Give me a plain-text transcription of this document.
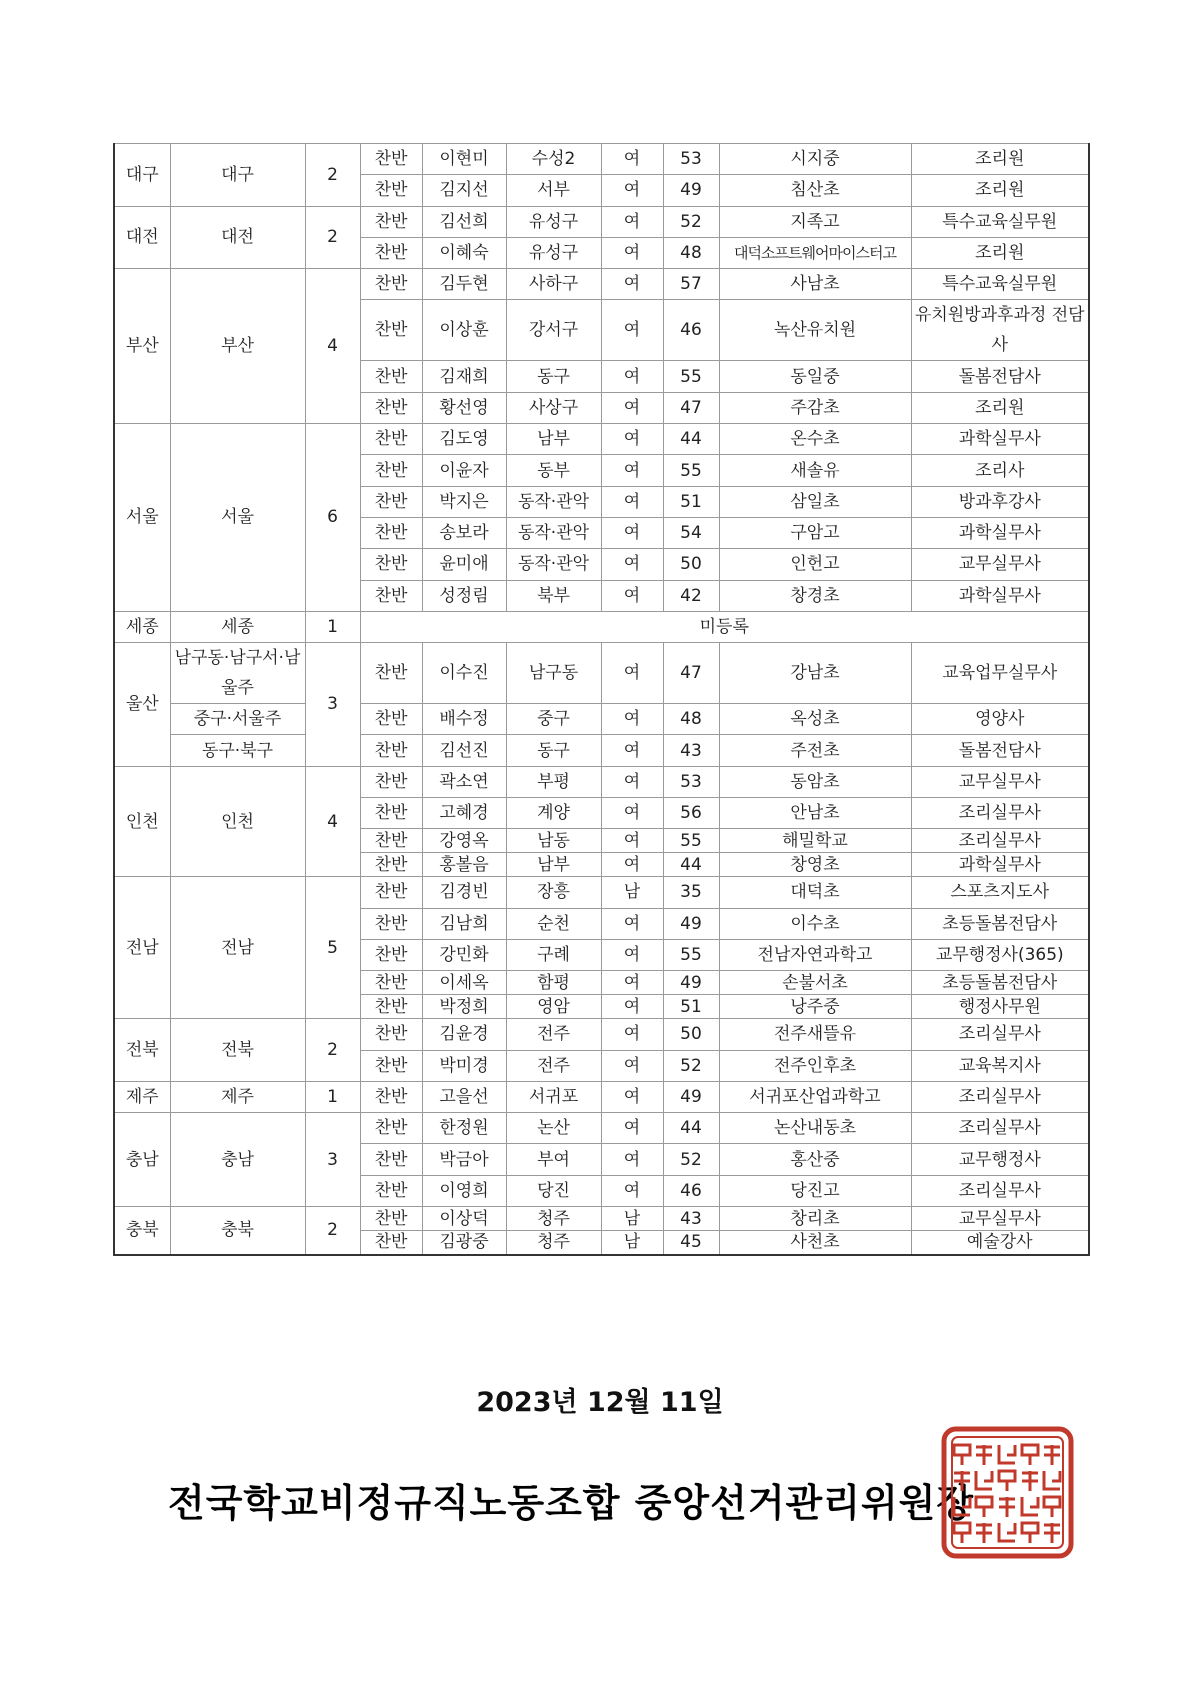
대구	대구	2	찬반	이현미	수성2	여	53	시지중	조리원
			찬반	김지선	서부	여	49	침산초	조리원
대전	대전	2	찬반	김선희	유성구	여	52	지족고	특수교육실무원
			찬반	이혜숙	유성구	여	48	대덕소프트웨어마이스터고	조리원
부산	부산	4	찬반	김두현	사하구	여	57	사남초	특수교육실무원
			찬반	이상훈	강서구	여	46	녹산유치원	유치원방과후과정 전담사
			찬반	김재희	동구	여	55	동일중	돌봄전담사
			찬반	황선영	사상구	여	47	주감초	조리원
서울	서울	6	찬반	김도영	남부	여	44	온수초	과학실무사
			찬반	이윤자	동부	여	55	새솔유	조리사
			찬반	박지은	동작·관악	여	51	삼일초	방과후강사
			찬반	송보라	동작·관악	여	54	구암고	과학실무사
			찬반	윤미애	동작·관악	여	50	인헌고	교무실무사
			찬반	성정림	북부	여	42	창경초	과학실무사
세종	세종	1	미등록						
울산	남구동·남구서·남울주	3	찬반	이수진	남구동	여	47	강남초	교육업무실무사
	중구·서울주		찬반	배수정	중구	여	48	옥성초	영양사
	동구·북구		찬반	김선진	동구	여	43	주전초	돌봄전담사
인천	인천	4	찬반	곽소연	부평	여	53	동암초	교무실무사
			찬반	고혜경	계양	여	56	안남초	조리실무사
			찬반	강영옥	남동	여	55	해밀학교	조리실무사
			찬반	홍볼음	남부	여	44	창영초	과학실무사
전남	전남	5	찬반	김경빈	장흥	남	35	대덕초	스포츠지도사
			찬반	김남희	순천	여	49	이수초	초등돌봄전담사
			찬반	강민화	구례	여	55	전남자연과학고	교무행정사(365)
			찬반	이세옥	함평	여	49	손불서초	초등돌봄전담사
			찬반	박정희	영암	여	51	낭주중	행정사무원
전북	전북	2	찬반	김윤경	전주	여	50	전주새뜰유	조리실무사
			찬반	박미경	전주	여	52	전주인후초	교육복지사
제주	제주	1	찬반	고을선	서귀포	여	49	서귀포산업과학고	조리실무사
충남	충남	3	찬반	한정원	논산	여	44	논산내동초	조리실무사
			찬반	박금아	부여	여	52	홍산중	교무행정사
			찬반	이영희	당진	여	46	당진고	조리실무사
충북	충북	2	찬반	이상덕	청주	남	43	창리초	교무실무사
			찬반	김광중	청주	남	45	사천초	예술강사
2023년 12월 11일
전국학교비정규직노동조합 중앙선거관리위원장
